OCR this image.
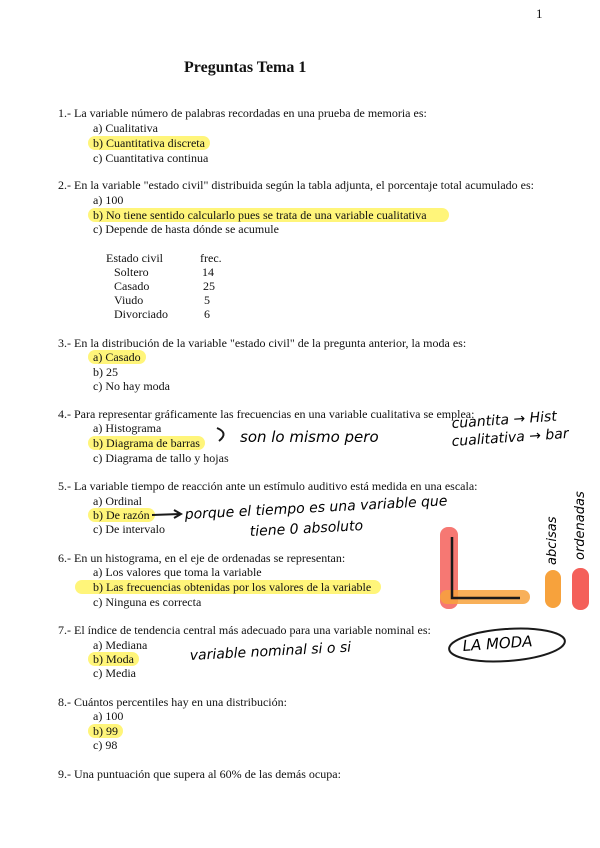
1
Preguntas Tema 1
1.- La variable número de palabras recordadas en una prueba de memoria es:
a) Cualitativa
b) Cuantitativa discreta
c) Cuantitativa continua
2.- En la variable "estado civil" distribuida según la tabla adjunta, el porcentaje total acumulado es:
a) 100
b) No tiene sentido calcularlo pues se trata de una variable cualitativa
c) Depende de hasta dónde se acumule
Estado civil	frec.
Soltero	14
Casado	25
Viudo	5
Divorciado	6
3.- En la distribución de la variable "estado civil" de la pregunta anterior, la moda es:
a) Casado
b) 25
c) No hay moda
4.- Para representar gráficamente las frecuencias en una variable cualitativa se emplea:
a) Histograma
b) Diagrama de barras
c) Diagrama de tallo y hojas
5.- La variable tiempo de reacción ante un estímulo auditivo está medida en una escala:
a) Ordinal
b) De razón
c) De intervalo
6.- En un histograma, en el eje de ordenadas se representan:
a) Los valores que toma la variable
b) Las frecuencias obtenidas por los valores de la variable
c) Ninguna es correcta
7.- El índice de tendencia central más adecuado para una variable nominal es:
a) Mediana
b) Moda
c) Media
8.- Cuántos percentiles hay en una distribución:
a) 100
b) 99
c) 98
9.- Una puntuación que supera al 60% de las demás ocupa:
son lo mismo pero
cuantita → Hist
cualitativa → bar
porque el tiempo es una variable que
tiene 0 absoluto	abcisas ordenadas
variable nominal si o si	LA MODA
